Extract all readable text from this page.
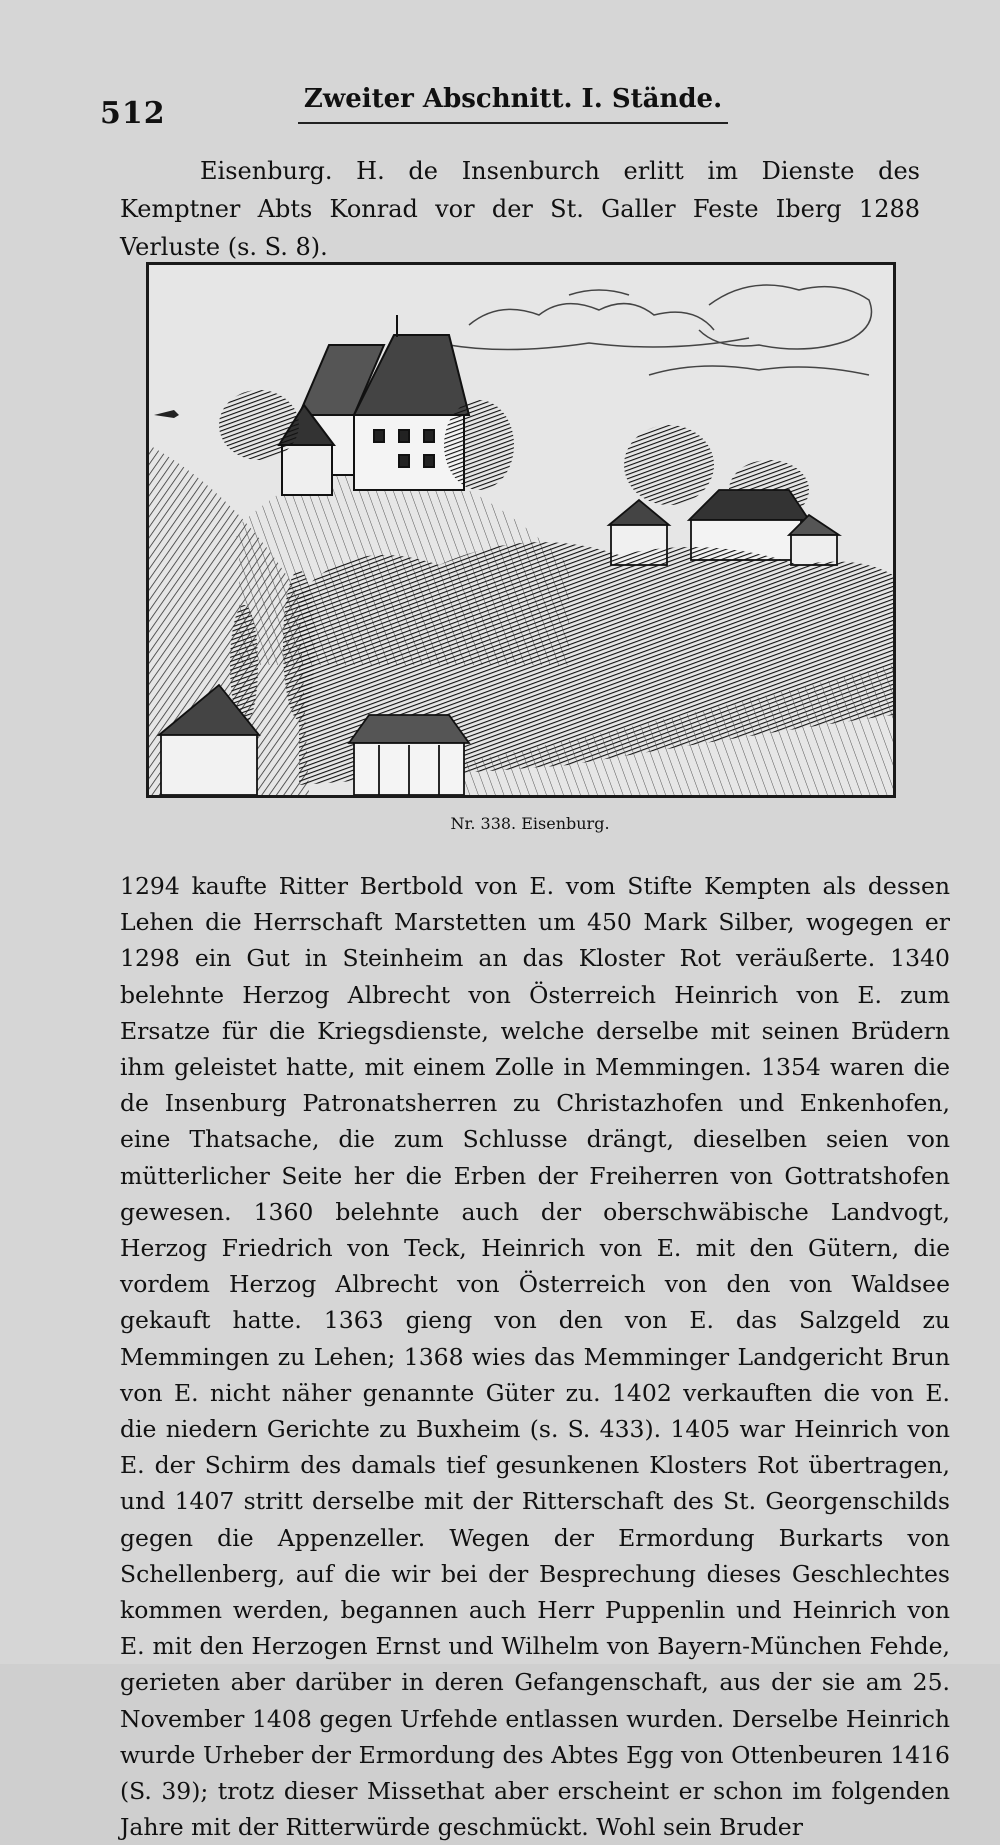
512	Zweiter Abschnitt. I. Stände.
Eisenburg. H. de Insenburch erlitt im Dienste des Kemptner Abts Konrad vor der St. Galler Feste Iberg 1288 Verluste (s. S. 8).
Nr. 338. Eisenburg.

1294 kaufte Ritter Bertbold von E. vom Stifte Kempten als dessen Lehen die Herrschaft Marstetten um 450 Mark Silber, wogegen er 1298 ein Gut in Steinheim an das Kloster Rot veräußerte. 1340 belehnte Herzog Albrecht von Österreich Heinrich von E. zum Ersatze für die Kriegsdienste, welche derselbe mit seinen Brüdern ihm geleistet hatte, mit einem Zolle in Memmingen. 1354 waren die de Insenburg Patronatsherren zu Christazhofen und Enkenhofen, eine Thatsache, die zum Schlusse drängt, dieselben seien von mütterlicher Seite her die Erben der Freiherren von Gottratshofen gewesen. 1360 belehnte auch der oberschwäbische Landvogt, Herzog Friedrich von Teck, Heinrich von E. mit den Gütern, die vordem Herzog Albrecht von Österreich von den von Waldsee gekauft hatte. 1363 gieng von den von E. das Salzgeld zu Memmingen zu Lehen; 1368 wies das Memminger Landgericht Brun von E. nicht näher genannte Güter zu. 1402 verkauften die von E. die niedern Gerichte zu Buxheim (s. S. 433). 1405 war Heinrich von E. der Schirm des damals tief gesunkenen Klosters Rot übertragen, und 1407 stritt derselbe mit der Ritterschaft des St. Georgenschilds gegen die Appenzeller. Wegen der Ermordung Burkarts von Schellenberg, auf die wir bei der Besprechung dieses Geschlechtes kommen werden, begannen auch Herr Puppenlin und Heinrich von E. mit den Herzogen Ernst und Wilhelm von Bayern-München Fehde, gerieten aber darüber in deren Gefangenschaft, aus der sie am 25. November 1408 gegen Urfehde entlassen wurden. Derselbe Heinrich wurde Urheber der Ermordung des Abtes Egg von Ottenbeuren 1416 (S. 39); trotz dieser Missethat aber erscheint er schon im folgenden Jahre mit der Ritterwürde geschmückt. Wohl sein Bruder
